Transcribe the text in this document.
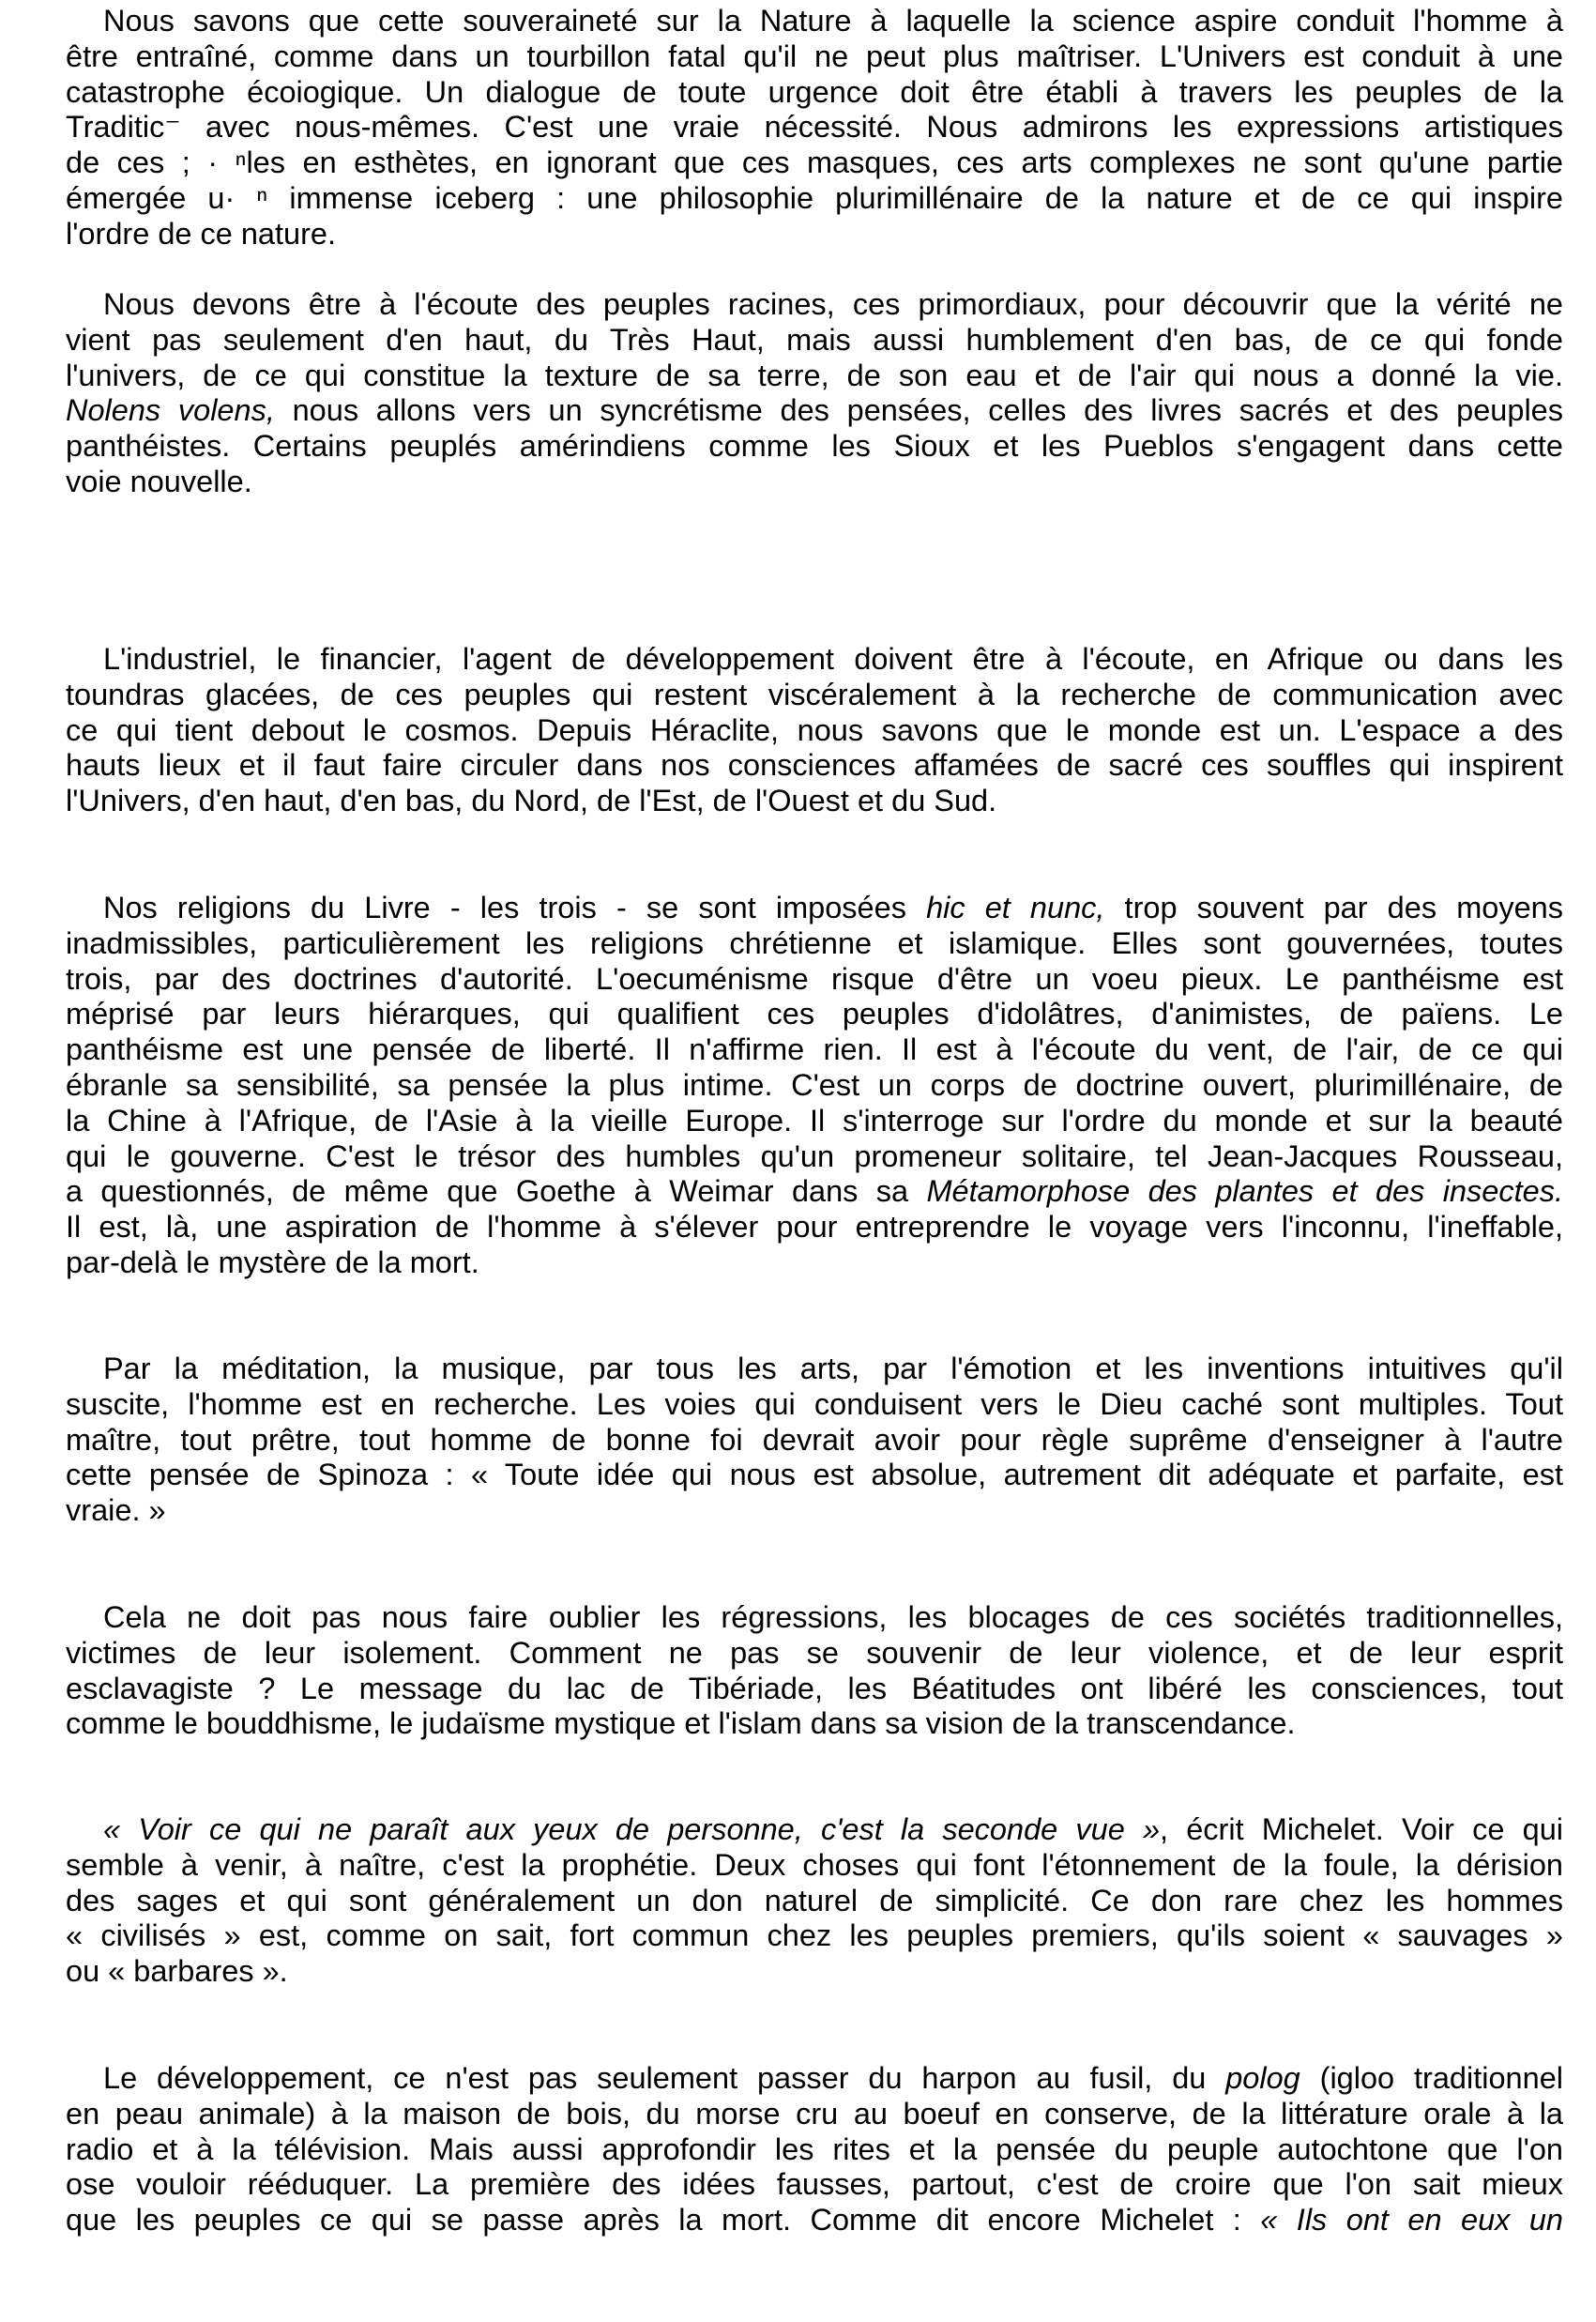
Nous savons que cette souveraineté sur la Nature à laquelle la science aspire conduit l'homme à
être entraîné, comme dans un tourbillon fatal qu'il ne peut plus maîtriser. L'Univers est conduit à une
catastrophe écoiogique. Un dialogue de toute urgence doit être établi à travers les peuples de la
Traditic⁻ avec nous-mêmes. C'est une vraie nécessité. Nous admirons les expressions artistiques
de ces ; · ⁿles en esthètes, en ignorant que ces masques, ces arts complexes ne sont qu'une partie
émergée u· ⁿ immense iceberg : une philosophie plurimillénaire de la nature et de ce qui inspire
l'ordre de ce nature.
Nous devons être à l'écoute des peuples racines, ces primordiaux, pour découvrir que la vérité ne
vient pas seulement d'en haut, du Très Haut, mais aussi humblement d'en bas, de ce qui fonde
l'univers, de ce qui constitue la texture de sa terre, de son eau et de l'air qui nous a donné la vie.
Nolens volens, nous allons vers un syncrétisme des pensées, celles des livres sacrés et des peuples
panthéistes. Certains peuplés amérindiens comme les Sioux et les Pueblos s'engagent dans cette
voie nouvelle.
L'industriel, le financier, l'agent de développement doivent être à l'écoute, en Afrique ou dans les
toundras glacées, de ces peuples qui restent viscéralement à la recherche de communication avec
ce qui tient debout le cosmos. Depuis Héraclite, nous savons que le monde est un. L'espace a des
hauts lieux et il faut faire circuler dans nos consciences affamées de sacré ces souffles qui inspirent
l'Univers, d'en haut, d'en bas, du Nord, de l'Est, de l'Ouest et du Sud.
Nos religions du Livre - les trois - se sont imposées hic et nunc, trop souvent par des moyens
inadmissibles, particulièrement les religions chrétienne et islamique. Elles sont gouvernées, toutes
trois, par des doctrines d'autorité. L'oecuménisme risque d'être un voeu pieux. Le panthéisme est
méprisé par leurs hiérarques, qui qualifient ces peuples d'idolâtres, d'animistes, de païens. Le
panthéisme est une pensée de liberté. Il n'affirme rien. Il est à l'écoute du vent, de l'air, de ce qui
ébranle sa sensibilité, sa pensée la plus intime. C'est un corps de doctrine ouvert, plurimillénaire, de
la Chine à l'Afrique, de l'Asie à la vieille Europe. Il s'interroge sur l'ordre du monde et sur la beauté
qui le gouverne. C'est le trésor des humbles qu'un promeneur solitaire, tel Jean-Jacques Rousseau,
a questionnés, de même que Goethe à Weimar dans sa Métamorphose des plantes et des insectes.
Il est, là, une aspiration de l'homme à s'élever pour entreprendre le voyage vers l'inconnu, l'ineffable,
par-delà le mystère de la mort.
Par la méditation, la musique, par tous les arts, par l'émotion et les inventions intuitives qu'il
suscite, l'homme est en recherche. Les voies qui conduisent vers le Dieu caché sont multiples. Tout
maître, tout prêtre, tout homme de bonne foi devrait avoir pour règle suprême d'enseigner à l'autre
cette pensée de Spinoza : « Toute idée qui nous est absolue, autrement dit adéquate et parfaite, est
vraie. »
Cela ne doit pas nous faire oublier les régressions, les blocages de ces sociétés traditionnelles,
victimes de leur isolement. Comment ne pas se souvenir de leur violence, et de leur esprit
esclavagiste ? Le message du lac de Tibériade, les Béatitudes ont libéré les consciences, tout
comme le bouddhisme, le judaïsme mystique et l'islam dans sa vision de la transcendance.
« Voir ce qui ne paraît aux yeux de personne, c'est la seconde vue », écrit Michelet. Voir ce qui
semble à venir, à naître, c'est la prophétie. Deux choses qui font l'étonnement de la foule, la dérision
des sages et qui sont généralement un don naturel de simplicité. Ce don rare chez les hommes
« civilisés » est, comme on sait, fort commun chez les peuples premiers, qu'ils soient « sauvages »
ou « barbares ».
Le développement, ce n'est pas seulement passer du harpon au fusil, du polog (igloo traditionnel
en peau animale) à la maison de bois, du morse cru au boeuf en conserve, de la littérature orale à la
radio et à la télévision. Mais aussi approfondir les rites et la pensée du peuple autochtone que l'on
ose vouloir rééduquer. La première des idées fausses, partout, c'est de croire que l'on sait mieux
que les peuples ce qui se passe après la mort. Comme dit encore Michelet : « Ils ont en eux un
